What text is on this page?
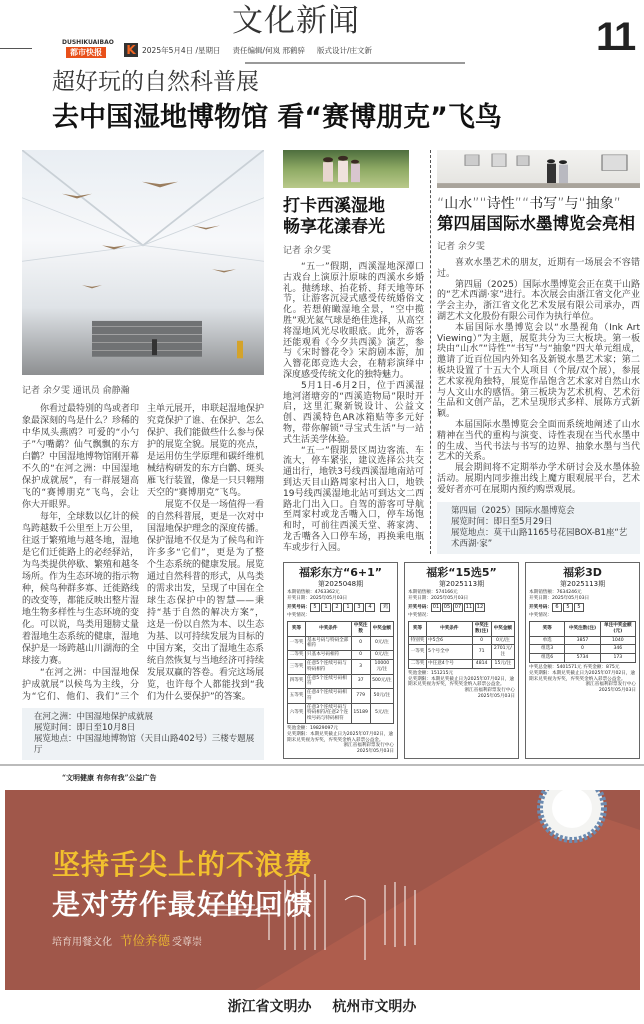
文化新闻
DUSHIKUAIBAO
都市快报	K 2025年5月4日 /星期日 责任编辑/何岚 邢鹤骍 版式设计/庄文新	11
超好玩的自然科普展
去中国湿地博物馆 看“赛博朋克”飞鸟
记者 余夕雯 通讯员 俞静瀚

你看过最特别的鸟或者印象最深刻的鸟是什么？珍稀的中华凤头燕鸥？可爱的“小勺子”勺嘴鹬？仙气飘飘的东方白鹳？中国湿地博物馆刚开幕不久的“在河之洲：中国湿地保护成就展”，有一群展翅高飞的“赛博朋克”飞鸟，会让你大开眼界。

每年，全球数以亿计的候鸟跨越数千公里至上万公里，往返于繁殖地与越冬地，湿地是它们迁徙路上的必经驿站，为鸟类提供停歇、繁殖和越冬场所。作为生态环境的指示物种，候鸟种群多寡、迁徙路线的改变等，都能反映出整片湿地生物多样性与生态环境的变化。可以说，鸟类用翅膀丈量着湿地生态系统的健康，湿地保护是一场跨越山川湖海的全球接力赛。

“在河之洲：中国湿地保护成就展”以候鸟为主线，分为“它们、他们、我们”三个主单元展开，串联起湿地保护究竟保护了谁、在保护、怎么保护、我们能做些什么参与保护的展览全貌。展览的亮点，是运用仿生学原理和碳纤维机械结构研发的东方白鹳、斑头雁飞行装置，像是一只只翱翔天空的“赛博朋克”飞鸟。

展览不仅是一场值得一看的自然科普展，更是一次对中国湿地保护理念的深度传播。保护湿地不仅是为了候鸟和许许多多“它们”，更是为了整个生态系统的健康发展。展览通过自然科普的形式，从鸟类的需求出发，呈现了中国在全球生态保护中的智慧——秉持“基于自然的解决方案”，这是一份以自然为本、以生态为基、以可持续发展为目标的中国方案，交出了湿地生态系统自然恢复与当地经济可持续发展双赢的答卷。看完这场展览，也许每个人都能找到“我们为什么要保护”的答案。

在河之洲：中国湿地保护成就展
展览时间：即日至10月8日
展览地点：中国湿地博物馆（天目山路402号）三楼专题展厅
打卡西溪湿地
畅享花漾春光
记者 余夕雯

“五一”假期，西溪湿地深潭口古戏台上演原汁原味的西溪水乡婚礼。抛绣球、抬花轿、拜天地等环节，让游客沉浸式感受传统婚俗文化。若想俯瞰湿地全景，“空中揽胜”观光氦气球是绝佳选择，从高空将湿地风光尽收眼底。此外，游客还能观看《今夕共西溪》演艺，参与《宋时簪花令》宋韵剧本游，加入簪花郎竞选大会，在精彩演绎中深度感受传统文化的独特魅力。

5月1日-6月2日，位于西溪湿地河渚塘旁的“西溪造物局”限时开启，这里汇聚新锐设计、公益文创、西溪特色AR冰箱贴等多元好物，带你解锁“寻宝式生活”与一站式生活美学体验。

“五一”假期景区周边客流、车流大，停车紧张，建议选择公共交通出行，地铁3号线西溪湿地南站可到达天目山路周家村出入口，地铁19号线西溪湿地北站可到达文二西路北门出入口。自驾的游客可导航至周家村或龙舌嘴入口，停车场饱和时，可前往西溪天堂、蒋家湾、龙舌嘴各入口停车场，再换乘电瓶车或步行入园。

“山水”“诗性”“书写”与“抽象”
第四届国际水墨博览会亮相
记者 余夕雯

喜欢水墨艺术的朋友，近期有一场展会不容错过。

第四届（2025）国际水墨博览会正在莫干山路的“艺术西湖·家”进行。本次展会由浙江省文化产业学会主办，浙江省文化艺术发展有限公司承办，西湖艺术文化股份有限公司作为执行单位。

本届国际水墨博览会以“水墨视角（Ink Art Viewing）”为主题，展览共分为三大板块。第一板块由“山水”“诗性”“书写”与“抽象”四大单元组成，邀请了近百位国内外知名及新锐水墨艺术家；第二板块设置了十五大个人项目（个展/双个展），参展艺术家视角独特，展览作品饱含艺术家对自然山水与人文山水的感悟。第三板块为艺术机构、艺术衍生品和文创产品，艺术呈现形式多样、展陈方式新颖。

本届国际水墨博览会全面而系统地阐述了山水精神在当代的重构与演变、诗性表现在当代水墨中的生成、当代书法与书写的边界、抽象水墨与当代艺术的关系。

展会期间将不定期举办学术研讨会及水墨体验活动。展期内同步推出线上魔方眼观展平台，艺术爱好者亦可在展期内预约购票观展。

第四届（2025）国际水墨博览会
展览时间：即日至5月29日
展览地点：莫干山路1165号花园BOX-B1座“艺术西湖·家”
福彩东方“6+1”
第2025048期
本期销售额：4763362元
开奖日期：2025年05月03日
开奖号码： 5 1 2 1 3 4 鸡
中奖情况：
奖等	中奖条件	中奖注数	中奖金额
一等奖	基本号码与特码全部相符	0	0元/注
二等奖	只基本号码相符	0	0元/注
三等奖	任意5个连续号码与特码相符	3	10000元/注
四等奖	任意5个连续号码相符	37	500元/注
五等奖	任意4个连续号码相符	779	50元/注
六等奖	任意3个连续号码与特码相符/任意2个连续号码与特码相符	15189	5元/注
奖池金额：19829097元
兑奖期限：本期兑奖截止日为2025年07月02日，逾期未兑奖视为弃奖，弃奖奖金纳入彩票公益金。
浙江省福利彩票发行中心
2025年05月03日
福彩“15选5”
第2025113期
本期销售额：574166元
开奖日期：2025年05月03日
开奖号码： 01 05 07 11 12
中奖情况：
奖等	中奖条件	中奖注数(注)	中奖金额
特别奖	中5含6	0	0元/注
一等奖	5个号全中	71	2701元/注
二等奖	中任意4个号	4814	15元/注
奖池金额：151215元
兑奖期限：本期兑奖截止日为2025年07月02日，逾期未兑奖视为弃奖，弃奖奖金纳入彩票公益金。
浙江省福利彩票发行中心
2025年05月03日
福彩3D
第2025113期
本期销售额：7634246元
开奖日期：2025年05月03日
开奖号码： 6 5 5
中奖情况：
奖等	中奖注数(注)	单注中奖金额(元)
单选	3857	1040
组选3	0	346
组选6	5734	173
中奖总金额：5401571元 弃奖金额：875元
兑奖期限：本期兑奖截止日为2025年07月02日，逾期未兑奖视为弃奖，弃奖奖金纳入彩票公益金。
浙江省福利彩票发行中心
2025年05月03日
“文明健康 有你有我”公益广告
坚持舌尖上的不浪费
是对劳作最好的回馈
培育用餐文化 节俭养德 受尊崇
浙江省文明办 杭州市文明办
